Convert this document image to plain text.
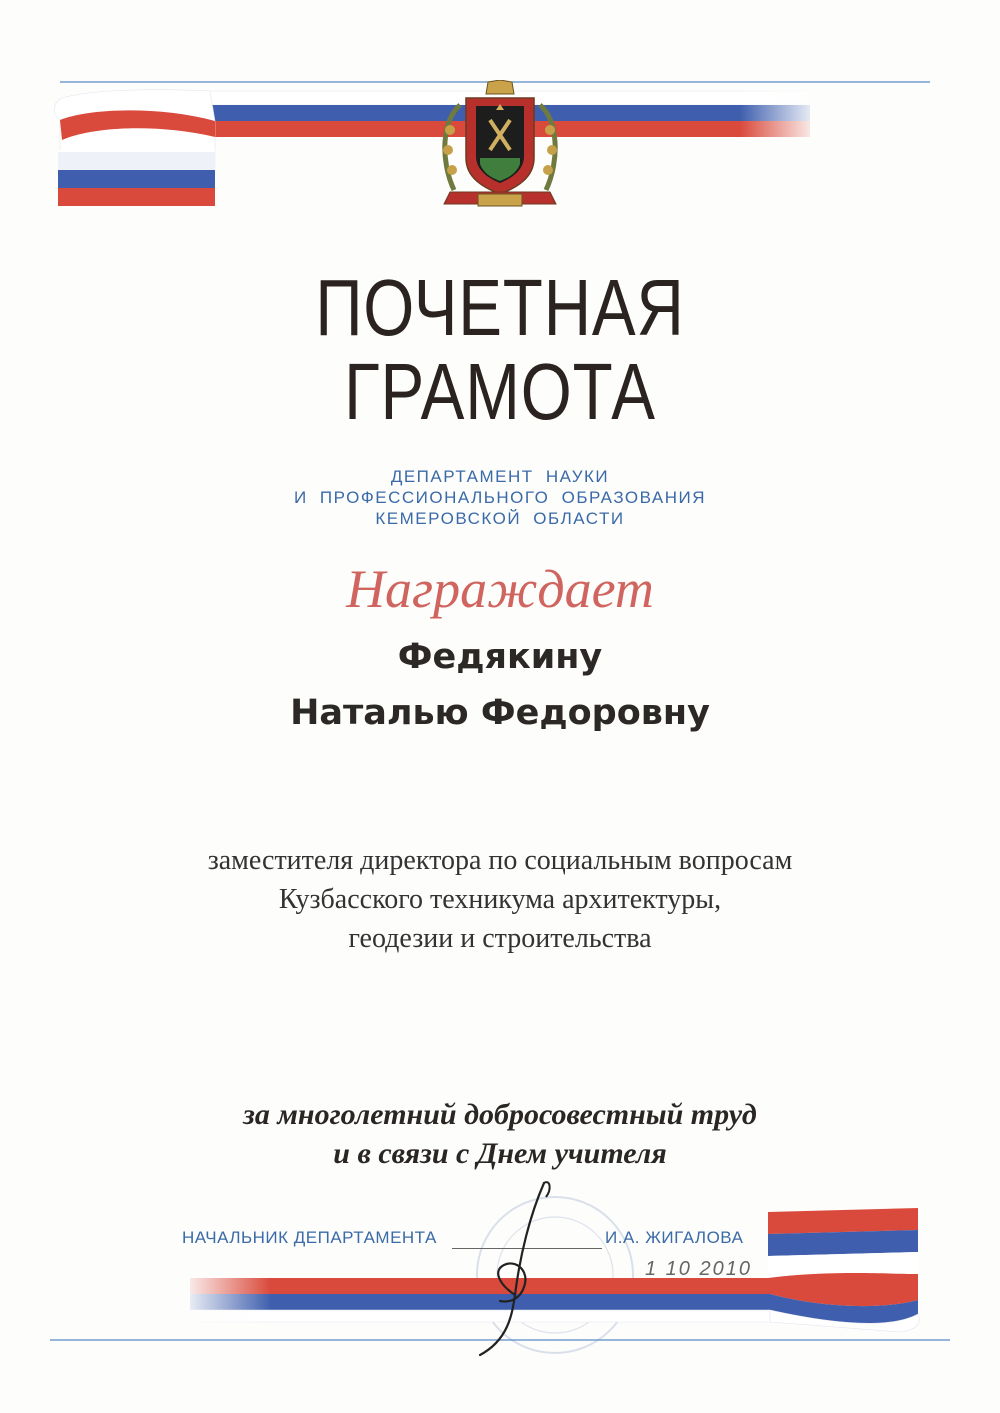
ПОЧЕТНАЯ
ГРАМОТА
ДЕПАРТАМЕНТ НАУКИ
И ПРОФЕССИОНАЛЬНОГО ОБРАЗОВАНИЯ
КЕМЕРОВСКОЙ ОБЛАСТИ
Награждает
Федякину
Наталью Федоровну
заместителя директора по социальным вопросам
Кузбасского техникума архитектуры,
геодезии и строительства
за многолетний добросовестный труд
и в связи с Днем учителя
НАЧАЛЬНИК ДЕПАРТАМЕНТА	И.А. ЖИГАЛОВА
1 10 2010
